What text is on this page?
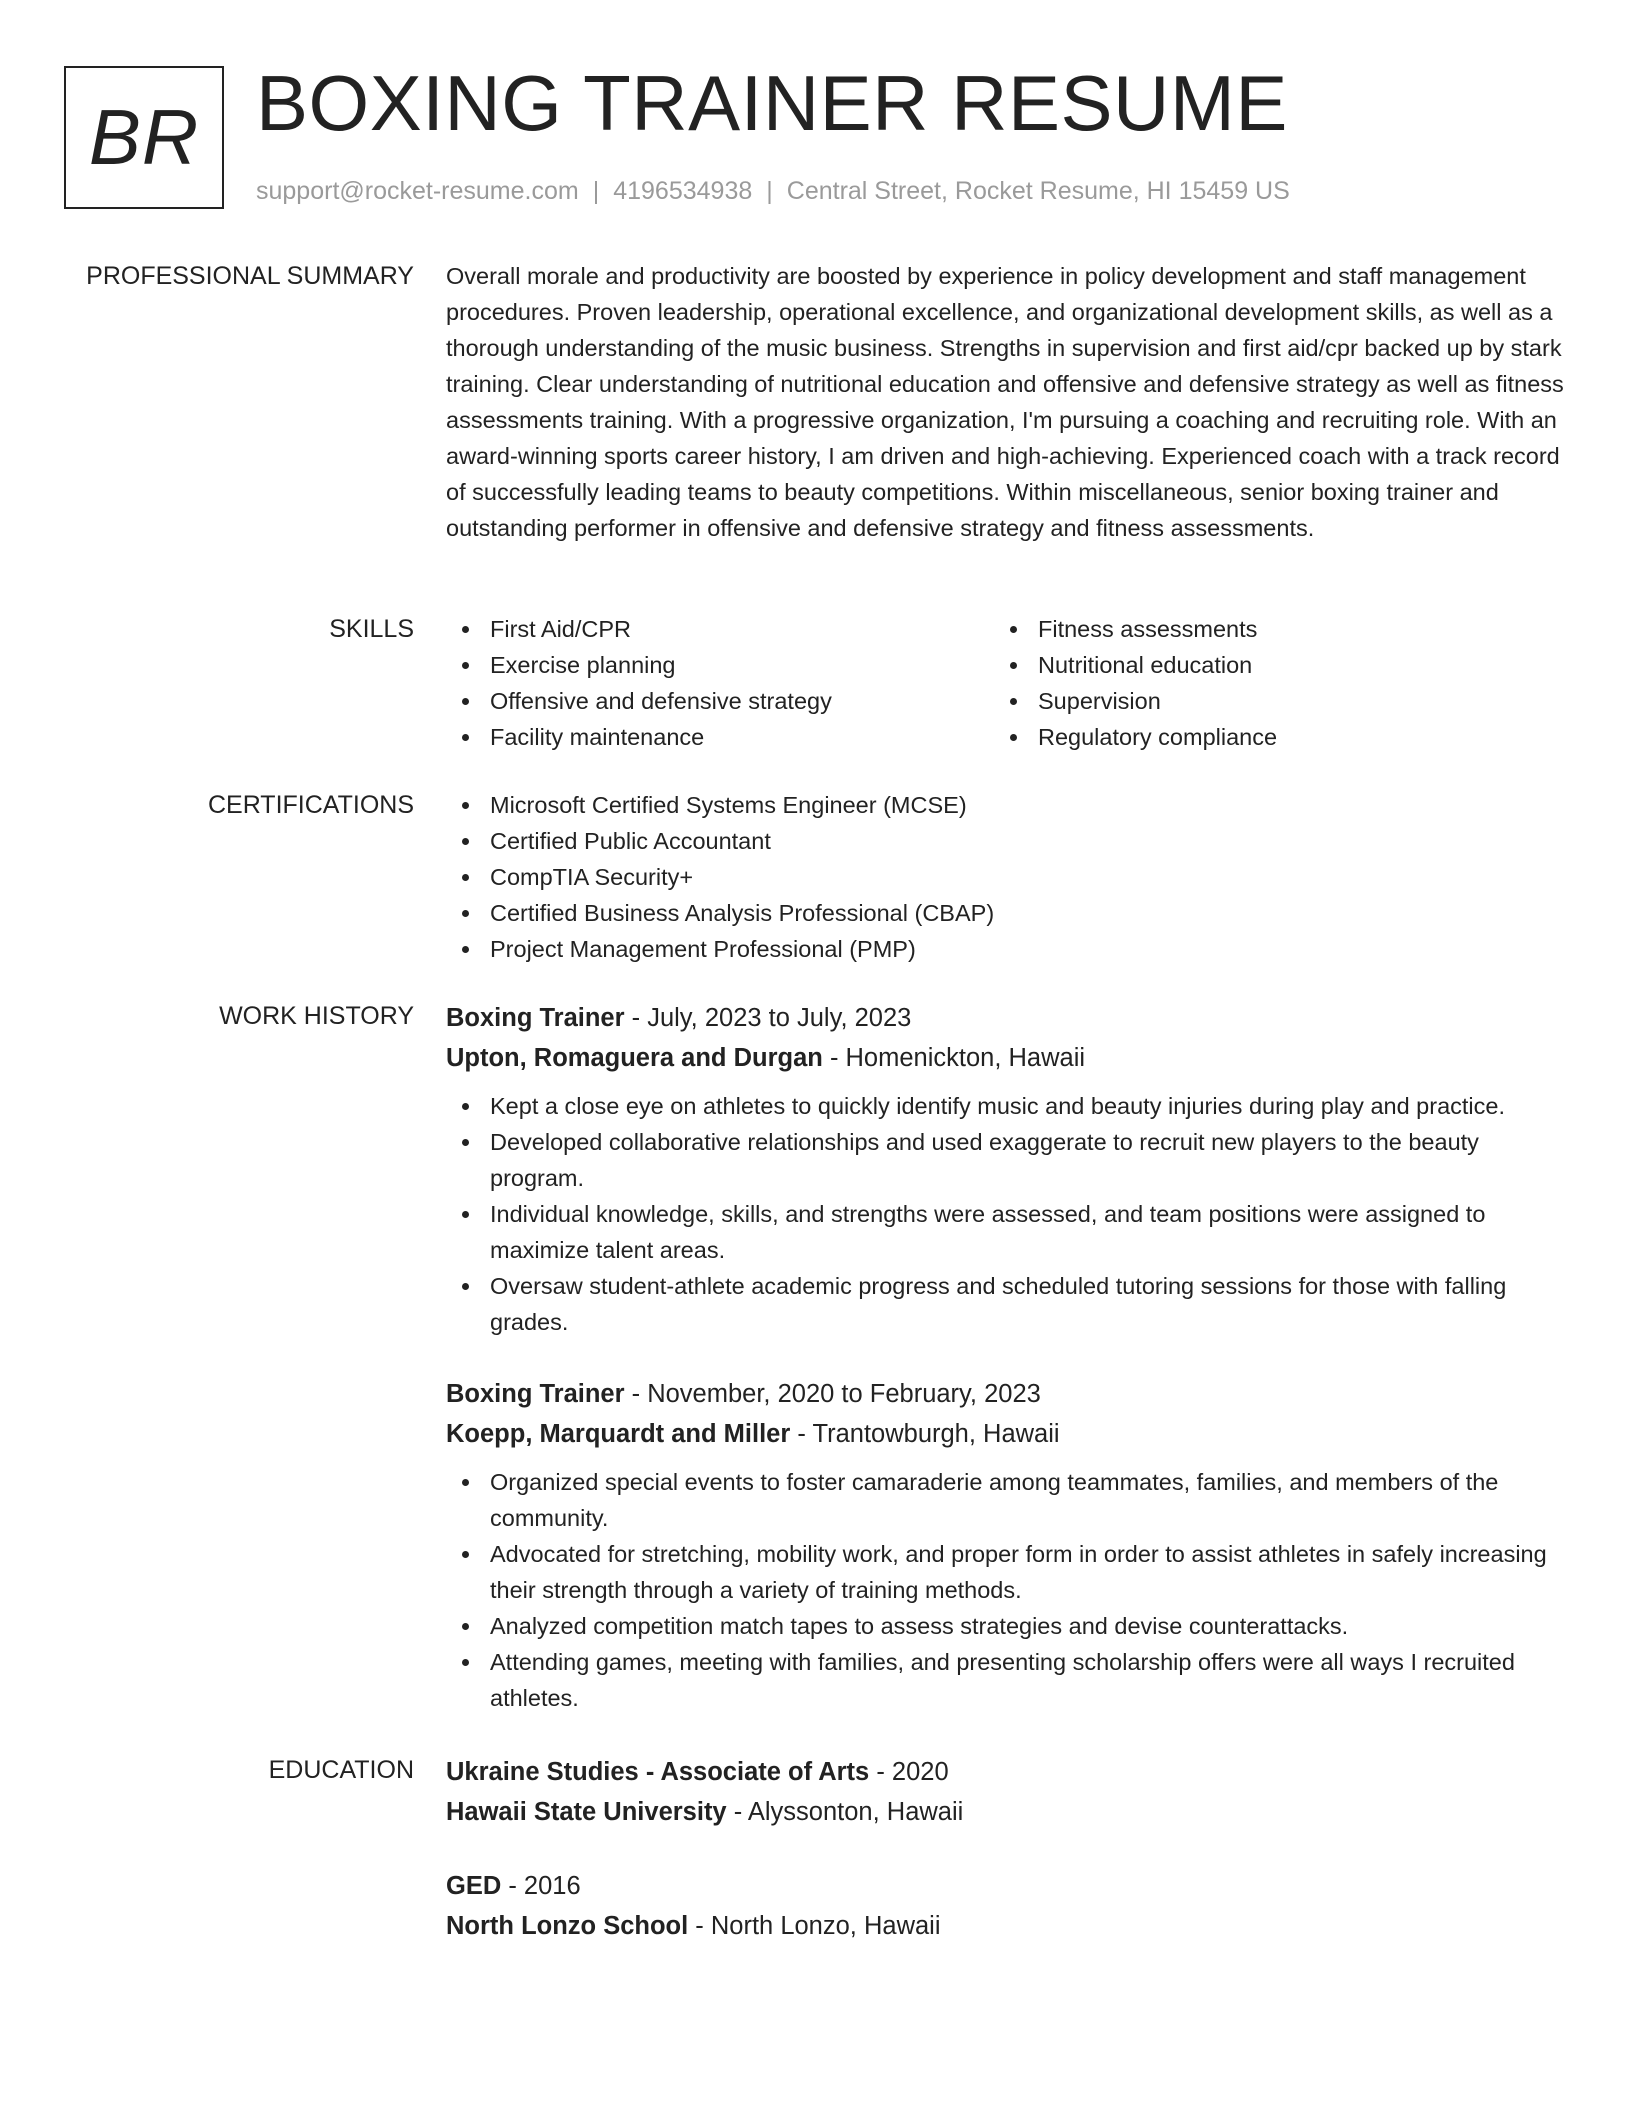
BR BOXING TRAINER RESUME
support@rocket-resume.com | 4196534938 | Central Street, Rocket Resume, HI 15459 US
PROFESSIONAL SUMMARY Overall morale and productivity are boosted by experience in policy development and staff management procedures. Proven leadership, operational excellence, and organizational development skills, as well as a thorough understanding of the music business. Strengths in supervision and first aid/cpr backed up by stark training. Clear understanding of nutritional education and offensive and defensive strategy as well as fitness assessments training. With a progressive organization, I'm pursuing a coaching and recruiting role. With an award-winning sports career history, I am driven and high-achieving. Experienced coach with a track record of successfully leading teams to beauty competitions. Within miscellaneous, senior boxing trainer and outstanding performer in offensive and defensive strategy and fitness assessments.

SKILLS	First Aid/CPR
Exercise planning
Offensive and defensive strategy
Facility maintenance
Fitness assessments
Nutritional education
Supervision
Regulatory compliance
CERTIFICATIONS	Microsoft Certified Systems Engineer (MCSE)
Certified Public Accountant
CompTIA Security+
Certified Business Analysis Professional (CBAP)
Project Management Professional (PMP)
WORK HISTORY Boxing Trainer - July, 2023 to July, 2023
Upton, Romaguera and Durgan - Homenickton, Hawaii
Kept a close eye on athletes to quickly identify music and beauty injuries during play and practice.
Developed collaborative relationships and used exaggerate to recruit new players to the beauty program.
Individual knowledge, skills, and strengths were assessed, and team positions were assigned to maximize talent areas.
Oversaw student-athlete academic progress and scheduled tutoring sessions for those with falling grades.
Boxing Trainer - November, 2020 to February, 2023
Koepp, Marquardt and Miller - Trantowburgh, Hawaii
Organized special events to foster camaraderie among teammates, families, and members of the community.
Advocated for stretching, mobility work, and proper form in order to assist athletes in safely increasing their strength through a variety of training methods.
Analyzed competition match tapes to assess strategies and devise counterattacks.
Attending games, meeting with families, and presenting scholarship offers were all ways I recruited athletes.
EDUCATION Ukraine Studies - Associate of Arts - 2020
Hawaii State University - Alyssonton, Hawaii
GED - 2016
North Lonzo School - North Lonzo, Hawaii
